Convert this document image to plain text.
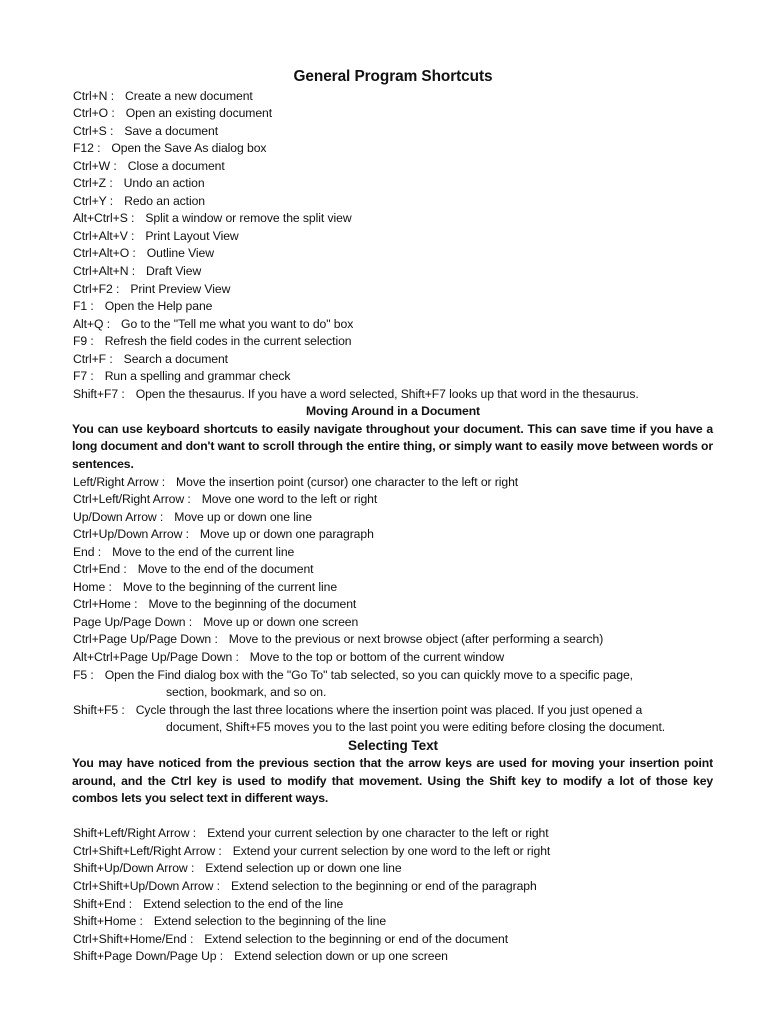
General Program Shortcuts
Ctrl+N : Create a new document
Ctrl+O : Open an existing document
Ctrl+S : Save a document
F12 : Open the Save As dialog box
Ctrl+W : Close a document
Ctrl+Z : Undo an action
Ctrl+Y : Redo an action
Alt+Ctrl+S : Split a window or remove the split view
Ctrl+Alt+V : Print Layout View
Ctrl+Alt+O : Outline View
Ctrl+Alt+N : Draft View
Ctrl+F2 : Print Preview View
F1 : Open the Help pane
Alt+Q : Go to the "Tell me what you want to do" box
F9 : Refresh the field codes in the current selection
Ctrl+F : Search a document
F7 : Run a spelling and grammar check
Shift+F7 : Open the thesaurus. If you have a word selected, Shift+F7 looks up that word in the thesaurus.
Moving Around in a Document
You can use keyboard shortcuts to easily navigate throughout your document. This can save time if you have a long document and don't want to scroll through the entire thing, or simply want to easily move between words or sentences.
Left/Right Arrow : Move the insertion point (cursor) one character to the left or right
Ctrl+Left/Right Arrow : Move one word to the left or right
Up/Down Arrow : Move up or down one line
Ctrl+Up/Down Arrow : Move up or down one paragraph
End : Move to the end of the current line
Ctrl+End : Move to the end of the document
Home : Move to the beginning of the current line
Ctrl+Home : Move to the beginning of the document
Page Up/Page Down : Move up or down one screen
Ctrl+Page Up/Page Down : Move to the previous or next browse object (after performing a search)
Alt+Ctrl+Page Up/Page Down : Move to the top or bottom of the current window
F5 : Open the Find dialog box with the "Go To" tab selected, so you can quickly move to a specific page,
section, bookmark, and so on.
Shift+F5 : Cycle through the last three locations where the insertion point was placed. If you just opened a
document, Shift+F5 moves you to the last point you were editing before closing the document.
Selecting Text
You may have noticed from the previous section that the arrow keys are used for moving your insertion point around, and the Ctrl key is used to modify that movement. Using the Shift key to modify a lot of those key combos lets you select text in different ways.
Shift+Left/Right Arrow : Extend your current selection by one character to the left or right
Ctrl+Shift+Left/Right Arrow : Extend your current selection by one word to the left or right
Shift+Up/Down Arrow : Extend selection up or down one line
Ctrl+Shift+Up/Down Arrow : Extend selection to the beginning or end of the paragraph
Shift+End : Extend selection to the end of the line
Shift+Home : Extend selection to the beginning of the line
Ctrl+Shift+Home/End : Extend selection to the beginning or end of the document
Shift+Page Down/Page Up : Extend selection down or up one screen
